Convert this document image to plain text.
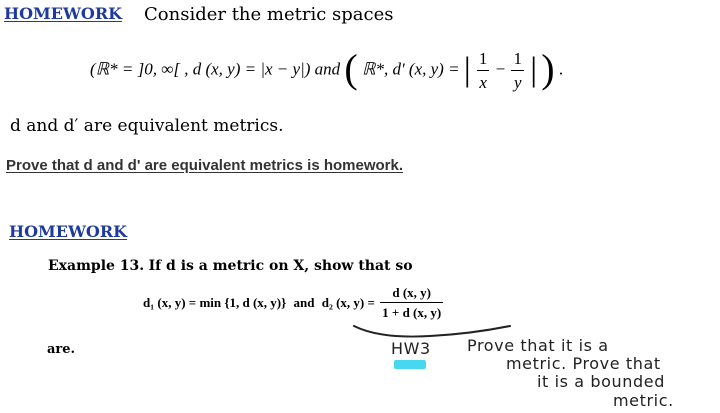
HOMEWORK Consider the metric spaces
(ℝ* = ]0, ∞[ , d (x, y) = |x − y|) and ( ℝ*, d′ (x, y) = | $\frac{1}{x} - \frac{1}{y}$ | ) .
d and d′ are equivalent metrics.
Prove that d and d' are equivalent metrics is homework.
HOMEWORK
Example 13. If d is a metric on X, show that so
d₁ (x, y) = min {1, d (x, y)} and d₂ (x, $y) = \frac{d (x, y)}{1 + d (x, y)}$
are.	HW3 Prove that it is a
metric. Prove that
it is a bounded
metric.
